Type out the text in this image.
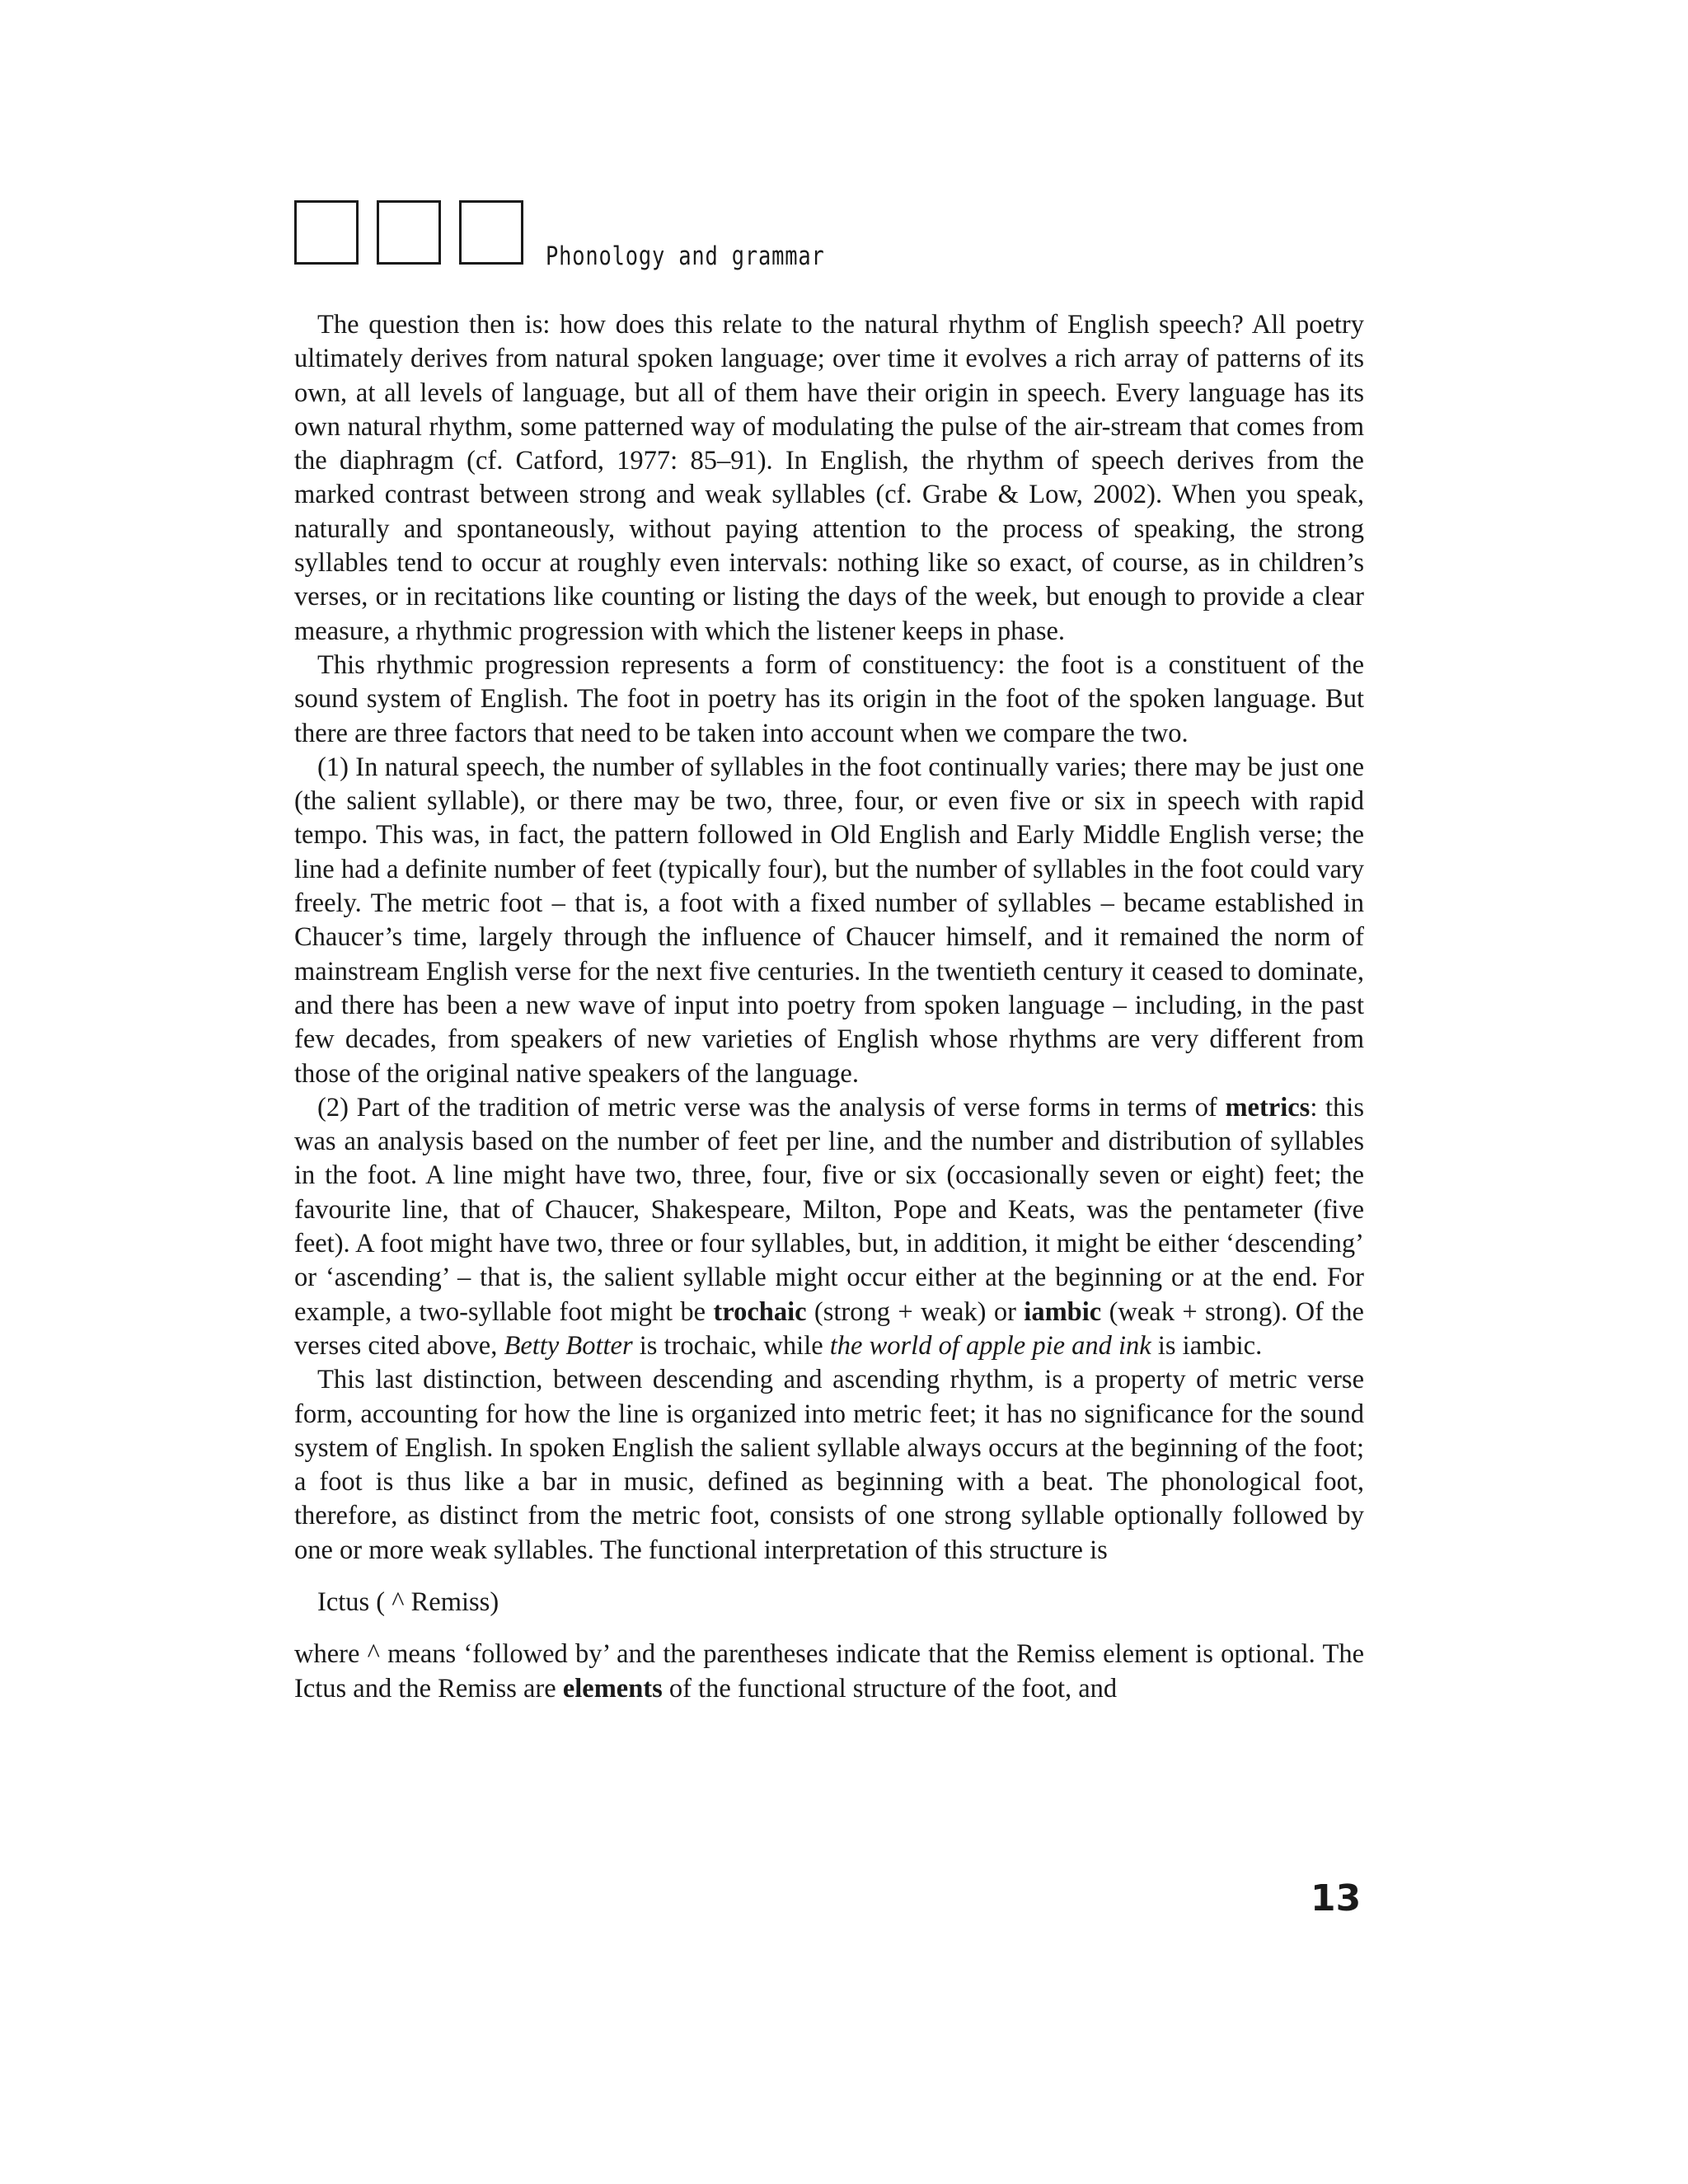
Phonology and grammar

The question then is: how does this relate to the natural rhythm of English speech? All poetry ultimately derives from natural spoken language; over time it evolves a rich array of patterns of its own, at all levels of language, but all of them have their origin in speech. Every language has its own natural rhythm, some patterned way of modulating the pulse of the air-stream that comes from the diaphragm (cf. Catford, 1977: 85–91). In English, the rhythm of speech derives from the marked contrast between strong and weak syllables (cf. Grabe & Low, 2002). When you speak, naturally and spontaneously, without paying attention to the process of speaking, the strong syllables tend to occur at roughly even intervals: nothing like so exact, of course, as in children’s verses, or in recitations like counting or listing the days of the week, but enough to provide a clear measure, a rhythmic progression with which the listener keeps in phase.

This rhythmic progression represents a form of constituency: the foot is a constituent of the sound system of English. The foot in poetry has its origin in the foot of the spoken language. But there are three factors that need to be taken into account when we compare the two.

(1) In natural speech, the number of syllables in the foot continually varies; there may be just one (the salient syllable), or there may be two, three, four, or even five or six in speech with rapid tempo. This was, in fact, the pattern followed in Old English and Early Middle English verse; the line had a definite number of feet (typically four), but the number of syllables in the foot could vary freely. The metric foot – that is, a foot with a fixed number of syllables – became established in Chaucer’s time, largely through the influence of Chaucer himself, and it remained the norm of mainstream English verse for the next five centuries. In the twentieth century it ceased to dominate, and there has been a new wave of input into poetry from spoken language – including, in the past few decades, from speakers of new varieties of English whose rhythms are very different from those of the original native speakers of the language.

(2) Part of the tradition of metric verse was the analysis of verse forms in terms of metrics: this was an analysis based on the number of feet per line, and the number and distribution of syllables in the foot. A line might have two, three, four, five or six (occasionally seven or eight) feet; the favourite line, that of Chaucer, Shakespeare, Milton, Pope and Keats, was the pentameter (five feet). A foot might have two, three or four syllables, but, in addition, it might be either ‘descending’ or ‘ascending’ – that is, the salient syllable might occur either at the beginning or at the end. For example, a two-syllable foot might be trochaic (strong + weak) or iambic (weak + strong). Of the verses cited above, Betty Botter is trochaic, while the world of apple pie and ink is iambic.

This last distinction, between descending and ascending rhythm, is a property of metric verse form, accounting for how the line is organized into metric feet; it has no significance for the sound system of English. In spoken English the salient syllable always occurs at the beginning of the foot; a foot is thus like a bar in music, defined as beginning with a beat. The phonological foot, therefore, as distinct from the metric foot, consists of one strong syllable optionally followed by one or more weak syllables. The functional interpretation of this structure is

Ictus ( ^ Remiss)

where ^ means ‘followed by’ and the parentheses indicate that the Remiss element is optional. The Ictus and the Remiss are elements of the functional structure of the foot, and

13
